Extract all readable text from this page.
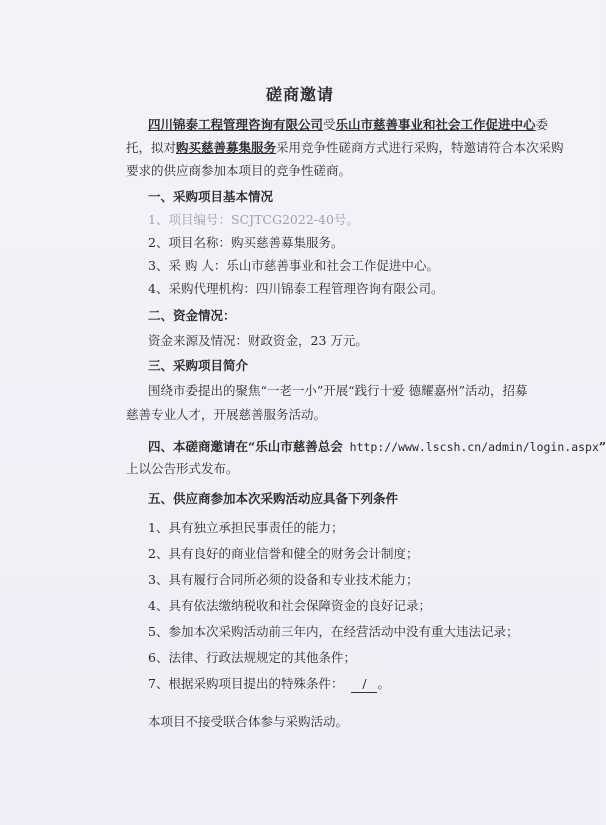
磋商邀请
四川锦泰工程管理咨询有限公司受乐山市慈善事业和社会工作促进中心委
托，拟对购买慈善募集服务采用竞争性磋商方式进行采购，特邀请符合本次采购
要求的供应商参加本项目的竞争性磋商。
一、采购项目基本情况
1、项目编号：SCJTCG2022-40号。
2、项目名称：购买慈善募集服务。
3、采 购 人：乐山市慈善事业和社会工作促进中心。
4、采购代理机构：四川锦泰工程管理咨询有限公司。
二、资金情况：
资金来源及情况：财政资金，23 万元。
三、采购项目简介
围绕市委提出的聚焦“一老一小”开展“践行十爱 德耀嘉州”活动，招募
慈善专业人才，开展慈善服务活动。
四、本磋商邀请在“乐山市慈善总会 http://www.lscsh.cn/admin/login.aspx”
上以公告形式发布。
五、供应商参加本次采购活动应具备下列条件
1、具有独立承担民事责任的能力；
2、具有良好的商业信誉和健全的财务会计制度；
3、具有履行合同所必须的设备和专业技术能力；
4、具有依法缴纳税收和社会保障资金的良好记录；
5、参加本次采购活动前三年内，在经营活动中没有重大违法记录；
6、法律、行政法规规定的其他条件；
7、根据采购项目提出的特殊条件： / 。
本项目不接受联合体参与采购活动。
